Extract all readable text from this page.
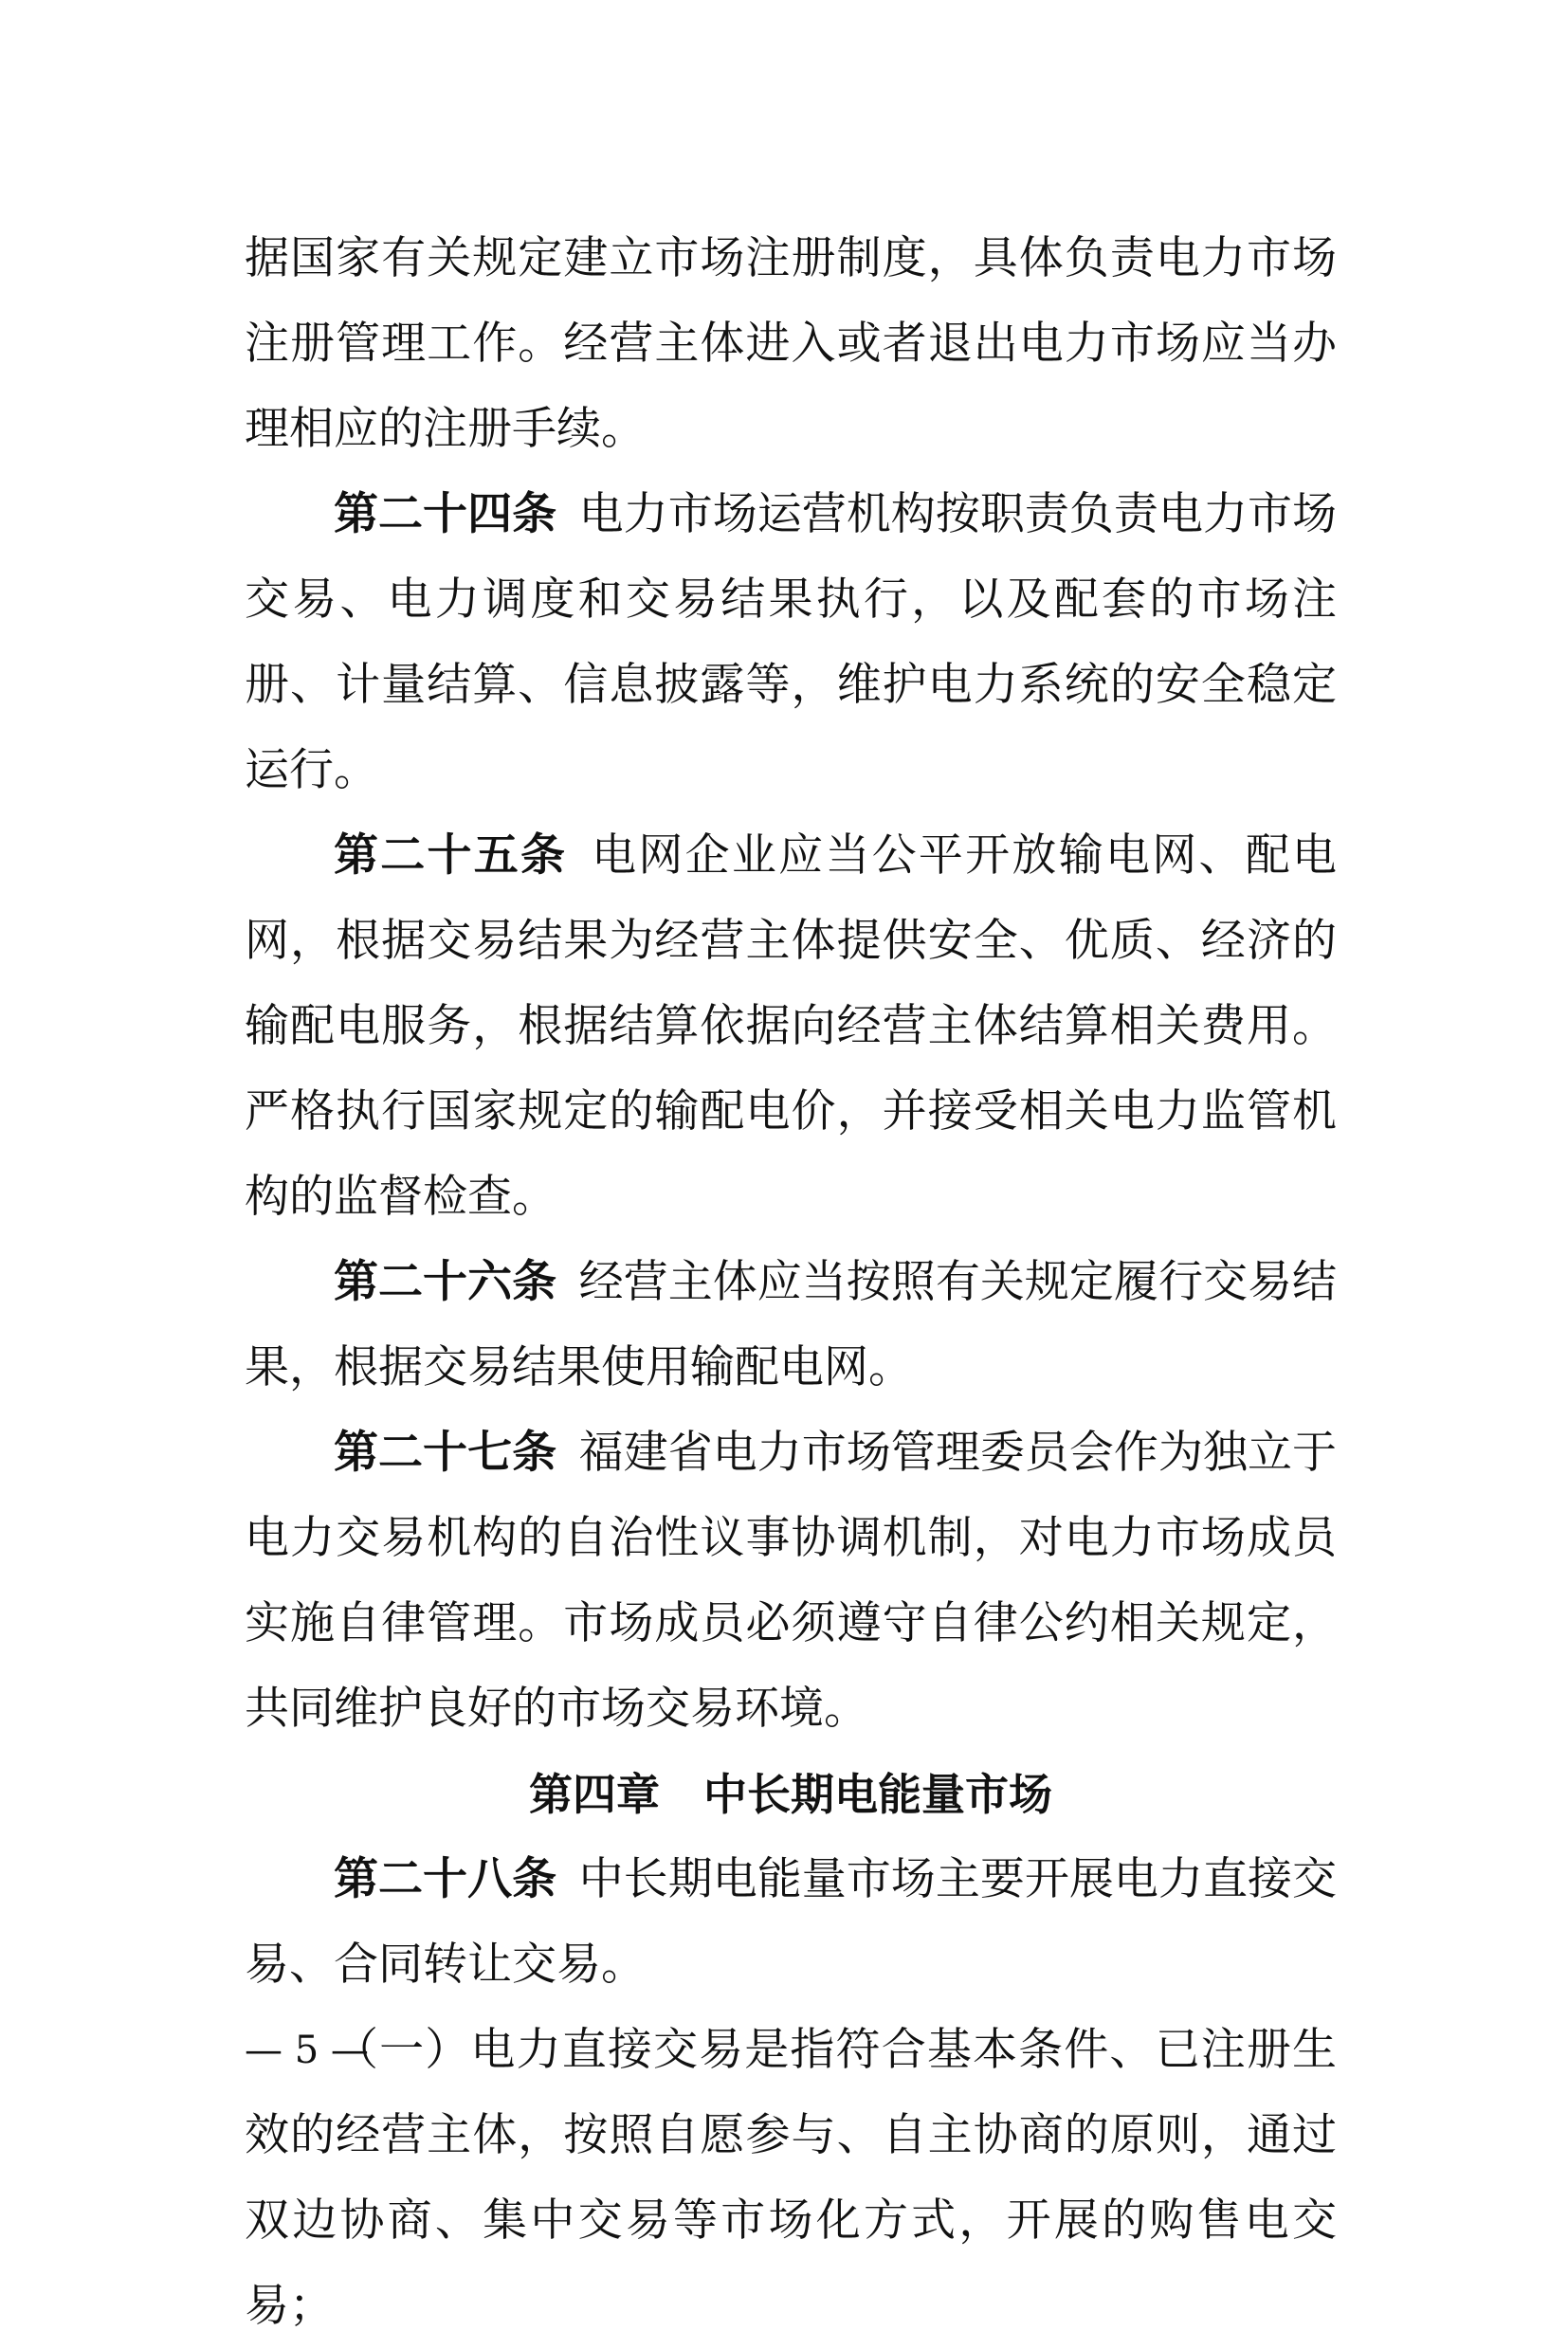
据国家有关规定建立市场注册制度，具体负责电力市场注册管理工作。经营主体进入或者退出电力市场应当办理相应的注册手续。

第二十四条  电力市场运营机构按职责负责电力市场交易、电力调度和交易结果执行，以及配套的市场注册、计量结算、信息披露等，维护电力系统的安全稳定运行。

第二十五条  电网企业应当公平开放输电网、配电网，根据交易结果为经营主体提供安全、优质、经济的输配电服务，根据结算依据向经营主体结算相关费用。严格执行国家规定的输配电价，并接受相关电力监管机构的监督检查。

第二十六条  经营主体应当按照有关规定履行交易结果，根据交易结果使用输配电网。

第二十七条  福建省电力市场管理委员会作为独立于电力交易机构的自治性议事协调机制，对电力市场成员实施自律管理。市场成员必须遵守自律公约相关规定，共同维护良好的市场交易环境。

第四章　中长期电能量市场

第二十八条  中长期电能量市场主要开展电力直接交易、合同转让交易。

（一）电力直接交易是指符合基本条件、已注册生效的经营主体，按照自愿参与、自主协商的原则，通过双边协商、集中交易等市场化方式，开展的购售电交易；

— 5 —
